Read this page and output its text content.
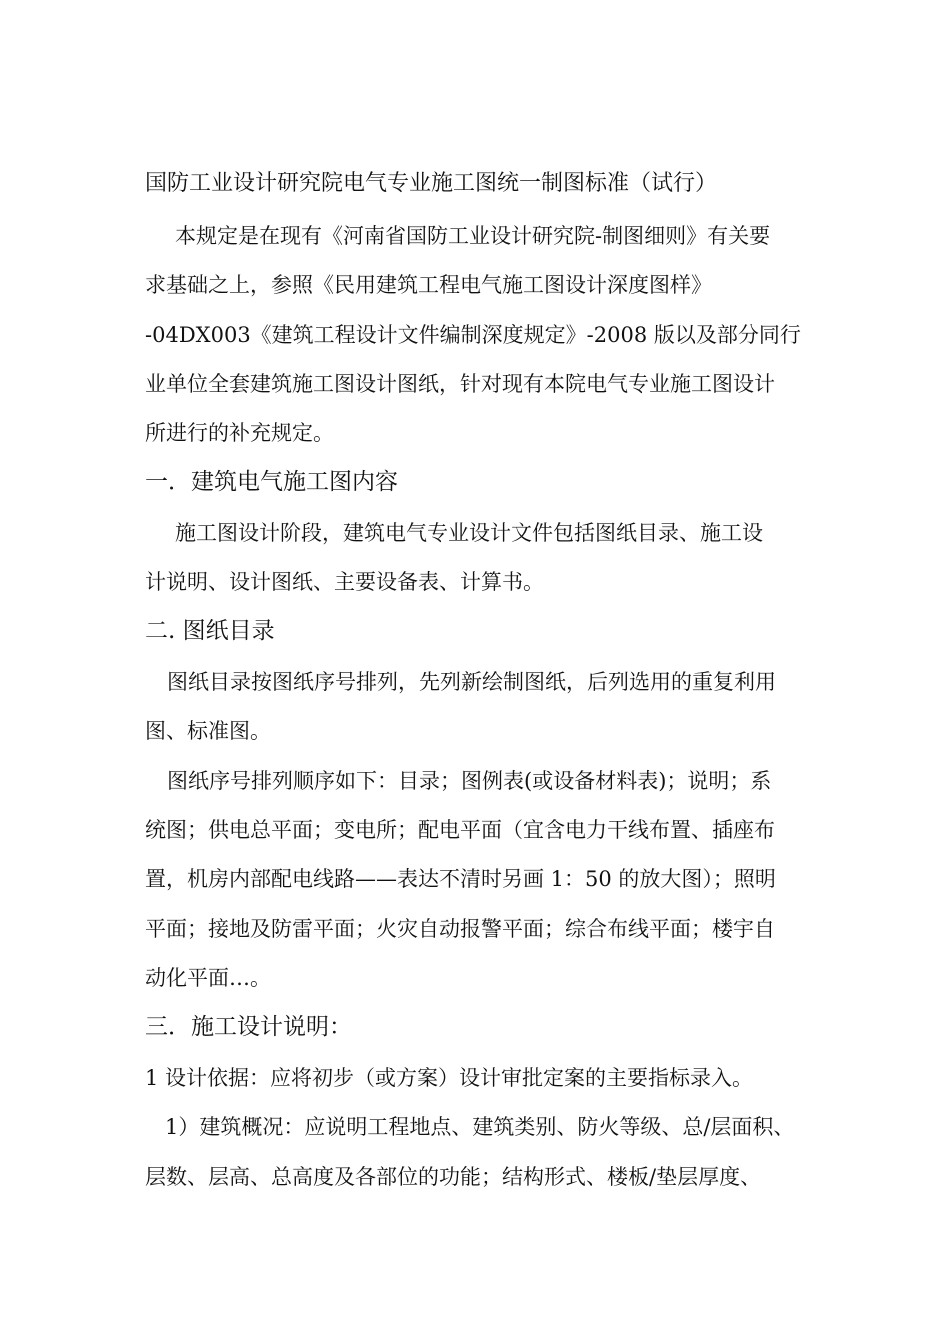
国防工业设计研究院电气专业施工图统一制图标准（试行）
本规定是在现有《河南省国防工业设计研究院-制图细则》有关要
求基础之上，参照《民用建筑工程电气施工图设计深度图样》
-04DX003《建筑工程设计文件编制深度规定》-2008 版以及部分同行
业单位全套建筑施工图设计图纸，针对现有本院电气专业施工图设计
所进行的补充规定。
一．建筑电气施工图内容
施工图设计阶段，建筑电气专业设计文件包括图纸目录、施工设
计说明、设计图纸、主要设备表、计算书。
二. 图纸目录
图纸目录按图纸序号排列，先列新绘制图纸，后列选用的重复利用
图、标准图。
图纸序号排列顺序如下：目录；图例表(或设备材料表)；说明；系
统图；供电总平面；变电所；配电平面（宜含电力干线布置、插座布
置，机房内部配电线路——表达不清时另画 1：50 的放大图）；照明
平面；接地及防雷平面；火灾自动报警平面；综合布线平面；楼宇自
动化平面…。
三．施工设计说明：
1 设计依据：应将初步（或方案）设计审批定案的主要指标录入。
1）建筑概况：应说明工程地点、建筑类别、防火等级、总/层面积、
层数、层高、总高度及各部位的功能；结构形式、楼板/垫层厚度、
